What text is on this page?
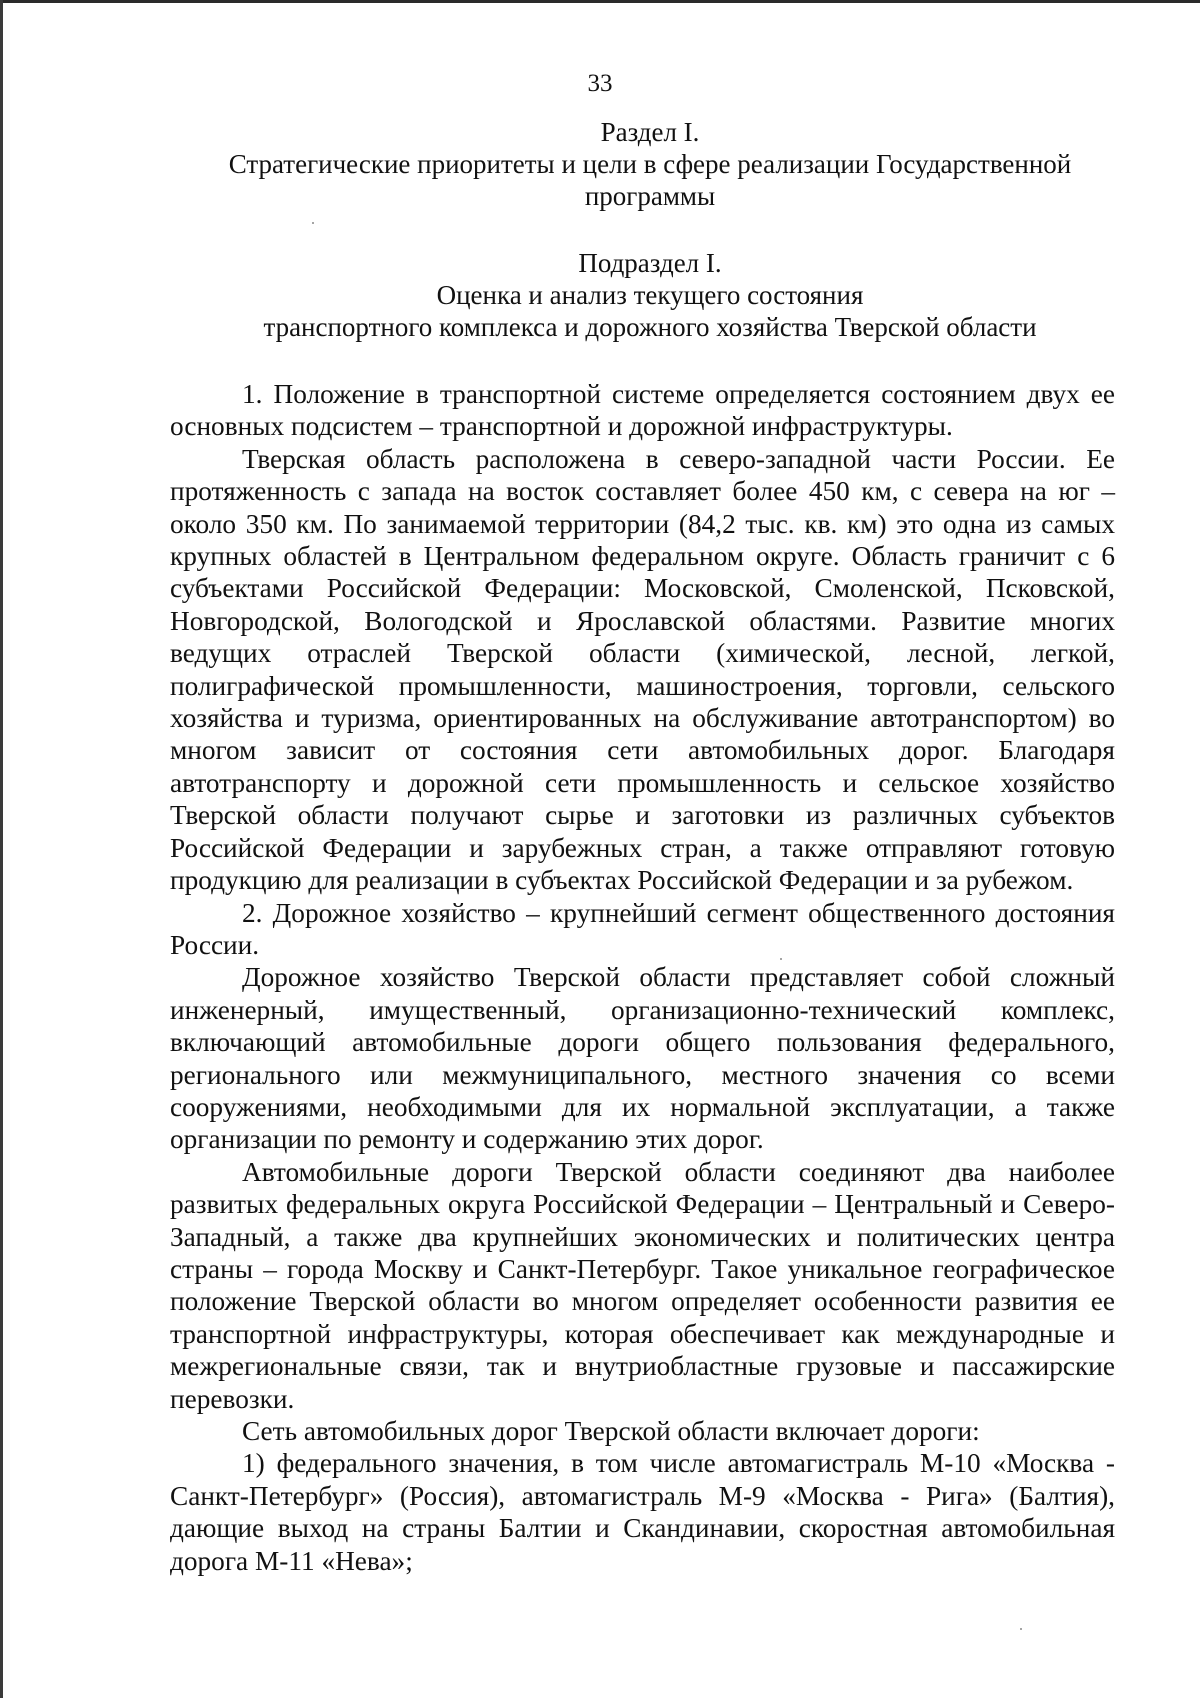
33
Раздел I.
Стратегические приоритеты и цели в сфере реализации Государственной
программы
Подраздел I.
Оценка и анализ текущего состояния
транспортного комплекса и дорожного хозяйства Тверской области

1. Положение в транспортной системе определяется состоянием двух ее основных подсистем – транспортной и дорожной инфраструктуры.

Тверская область расположена в северо-западной части России. Ее протяженность с запада на восток составляет более 450 км, с севера на юг – около 350 км. По занимаемой территории (84,2 тыс. кв. км) это одна из самых крупных областей в Центральном федеральном округе. Область граничит с 6 субъектами Российской Федерации: Московской, Смоленской, Псковской, Новгородской, Вологодской и Ярославской областями. Развитие многих ведущих отраслей Тверской области (химической, лесной, легкой, полиграфической промышленности, машиностроения, торговли, сельского хозяйства и туризма, ориентированных на обслуживание автотранспортом) во многом зависит от состояния сети автомобильных дорог. Благодаря автотранспорту и дорожной сети промышленность и сельское хозяйство Тверской области получают сырье и заготовки из различных субъектов Российской Федерации и зарубежных стран, а также отправляют готовую продукцию для реализации в субъектах Российской Федерации и за рубежом.

2. Дорожное хозяйство – крупнейший сегмент общественного достояния России.

Дорожное хозяйство Тверской области представляет собой сложный инженерный, имущественный, организационно-технический комплекс, включающий автомобильные дороги общего пользования федерального, регионального или межмуниципального, местного значения со всеми сооружениями, необходимыми для их нормальной эксплуатации, а также организации по ремонту и содержанию этих дорог.

Автомобильные дороги Тверской области соединяют два наиболее развитых федеральных округа Российской Федерации – Центральный и Северо-Западный, а также два крупнейших экономических и политических центра страны – города Москву и Санкт-Петербург. Такое уникальное географическое положение Тверской области во многом определяет особенности развития ее транспортной инфраструктуры, которая обеспечивает как международные и межрегиональные связи, так и внутриобластные грузовые и пассажирские перевозки.

Сеть автомобильных дорог Тверской области включает дороги:

1) федерального значения, в том числе автомагистраль М-10 «Москва - Санкт-Петербург» (Россия), автомагистраль М-9 «Москва - Рига» (Балтия), дающие выход на страны Балтии и Скандинавии, скоростная автомобильная дорога М-11 «Нева»;
